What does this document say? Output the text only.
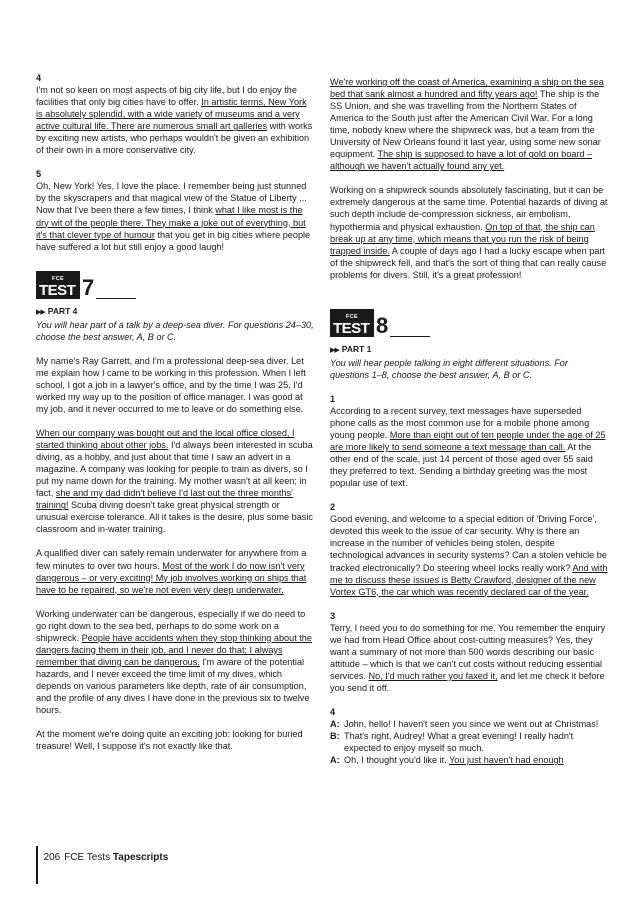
4

I'm not so keen on most aspects of big city life, but I do enjoy the facilities that only big cities have to offer. In artistic terms, New York is absolutely splendid, with a wide variety of museums and a very active cultural life. There are numerous small art galleries with works by exciting new artists, who perhaps wouldn't be given an exhibition of their own in a more conservative city.

5

Oh, New York! Yes, I love the place. I remember being just stunned by the skyscrapers and that magical view of the Statue of Liberty ... Now that I've been there a few times, I think what I like most is the dry wit of the people there. They make a joke out of everything, but it's that clever type of humour that you get in big cities where people have suffered a lot but still enjoy a good laugh!

FCE
TEST 7
▶▶ PART 4

You will hear part of a talk by a deep-sea diver. For questions 24–30, choose the best answer, A, B or C.

My name's Ray Garrett, and I'm a professional deep-sea diver. Let me explain how I came to be working in this profession. When I left school, I got a job in a lawyer's office, and by the time I was 25, I'd worked my way up to the position of office manager. I was good at my job, and it never occurred to me to leave or do something else.

When our company was bought out and the local office closed, I started thinking about other jobs. I'd always been interested in scuba diving, as a hobby, and just about that time I saw an advert in a magazine. A company was looking for people to train as divers, so I put my name down for the training. My mother wasn't at all keen; in fact, she and my dad didn't believe I'd last out the three months' training! Scuba diving doesn't take great physical strength or unusual exercise tolerance. All it takes is the desire, plus some basic classroom and in-water training.

A qualified diver can safely remain underwater for anywhere from a few minutes to over two hours. Most of the work I do now isn't very dangerous – or very exciting! My job involves working on ships that have to be repaired, so we're not even very deep underwater.

Working underwater can be dangerous, especially if we do need to go right down to the sea bed, perhaps to do some work on a shipwreck. People have accidents when they stop thinking about the dangers facing them in their job, and I never do that; I always remember that diving can be dangerous. I'm aware of the potential hazards, and I never exceed the time limit of my dives, which depends on various parameters like depth, rate of air consumption, and the profile of any dives I have done in the previous six to twelve hours.

At the moment we're doing quite an exciting job: looking for buried treasure! Well, I suppose it's not exactly like that.

We're working off the coast of America, examining a ship on the sea bed that sank almost a hundred and fifty years ago! The ship is the SS Union, and she was travelling from the Northern States of America to the South just after the American Civil War. For a long time, nobody knew where the shipwreck was, but a team from the University of New Orleans found it last year, using some new sonar equipment. The ship is supposed to have a lot of gold on board – although we haven't actually found any yet.

Working on a shipwreck sounds absolutely fascinating, but it can be extremely dangerous at the same time. Potential hazards of diving at such depth include de-compression sickness, air embolism, hypothermia and physical exhaustion. On top of that, the ship can break up at any time, which means that you run the risk of being trapped inside. A couple of days ago I had a lucky escape when part of the shipwreck fell, and that's the sort of thing that can really cause problems for divers. Still, it's a great profession!

FCE
TEST 8
▶▶ PART 1

You will hear people talking in eight different situations. For questions 1–8, choose the best answer, A, B or C.

1

According to a recent survey, text messages have superseded phone calls as the most common use for a mobile phone among young people. More than eight out of ten people under the age of 25 are more likely to send someone a text message than call. At the other end of the scale, just 14 percent of those aged over 55 said they preferred to text. Sending a birthday greeting was the most popular use of text.

2

Good evening, and welcome to a special edition of 'Driving Force', devoted this week to the issue of car security. Why is there an increase in the number of vehicles being stolen, despite technological advances in security systems? Can a stolen vehicle be tracked electronically? Do steering wheel locks really work? And with me to discuss these issues is Betty Crawford, designer of the new Vortex GT6, the car which was recently declared car of the year.

3

Terry, I need you to do something for me. You remember the enquiry we had from Head Office about cost-cutting measures? Yes, they want a summary of not more than 500 words describing our basic attitude – which is that we can't cut costs without reducing essential services. No, I'd much rather you faxed it, and let me check it before you send it off.

4

A: John, hello! I haven't seen you since we went out at Christmas!
B: That's right, Audrey! What a great evening! I really hadn't expected to enjoy myself so much.
A: Oh, I thought you'd like it. You just haven't had enough
206 FCE Tests
Tapescripts
